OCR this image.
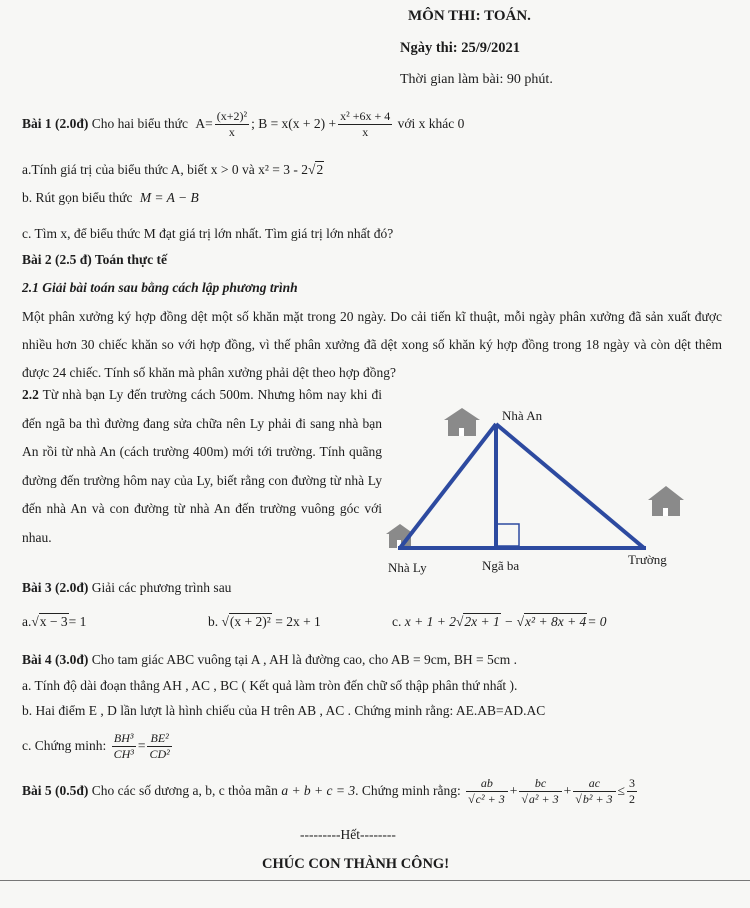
MÔN THI: TOÁN.
Ngày thi: 25/9/2021
Thời gian làm bài: 90 phút.
Bài 1 (2.0đ) Cho hai biểu thức $A= \frac{\text{(x+2)²}}{x}$ ; $B = x(x + 2) + \frac{\text{x² +6x + 4}}{x}$ với x khác 0
a.Tính giá trị của biểu thức A, biết x > 0 và x² = 3 - 2√2
b. Rút gọn biểu thức M = A − B
c. Tìm x, để biểu thức M đạt giá trị lớn nhất. Tìm giá trị lớn nhất đó?
Bài 2 (2.5 đ) Toán thực tế
2.1 Giải bài toán sau bằng cách lập phương trình
Một phân xưởng ký hợp đồng dệt một số khăn mặt trong 20 ngày. Do cải tiến kĩ thuật, mỗi ngày phân xưởng đã sản xuất được nhiều hơn 30 chiếc khăn so với hợp đồng, vì thế phân xưởng đã dệt xong số khăn ký hợp đồng trong 18 ngày và còn dệt thêm được 24 chiếc. Tính số khăn mà phân xưởng phải dệt theo hợp đồng?
2.2 Từ nhà bạn Ly đến trường cách 500m. Nhưng hôm nay khi đi đến ngã ba thì đường đang sửa chữa nên Ly phải đi sang nhà bạn An rồi từ nhà An (cách trường 400m) mới tới trường. Tính quãng đường đến trường hôm nay của Ly, biết rằng con đường từ nhà Ly đến nhà An và con đường từ nhà An đến trường vuông góc với nhau.
Nhà An
Nhà Ly	Ngã ba	Trường
Bài 3 (2.0đ) Giải các phương trình sau
a.√x − 3= 1	b. √(x + 2)² = 2x + 1	c. x + 1 + 2√2x + 1 − √x² + 8x + 4= 0
Bài 4 (3.0đ) Cho tam giác ABC vuông tại A , AH là đường cao, cho AB = 9cm, BH = 5cm .
a. Tính độ dài đoạn thẳng AH , AC , BC ( Kết quả làm tròn đến chữ số thập phân thứ nhất ).
b. Hai điểm E , D lần lượt là hình chiếu của H trên AB , AC . Chứng minh rằng: AE.AB=AD.AC
c. Chứng minh: $\frac{\text{BH³}}{\text{CH³}} = \frac{\text{BE²}}{\text{CD²}}$
Bài 5 (0.5đ) Cho các số dương a, b, c thỏa mãn a + b + c = 3. Chứng minh rằng: $\frac{ab}{\text{√c² + 3}} + \frac{bc}{\text{√a² + 3}} + \frac{ac}{\text{√b² + 3}} \le \frac{3}{2}$
---------Hết--------
CHÚC CON THÀNH CÔNG!
